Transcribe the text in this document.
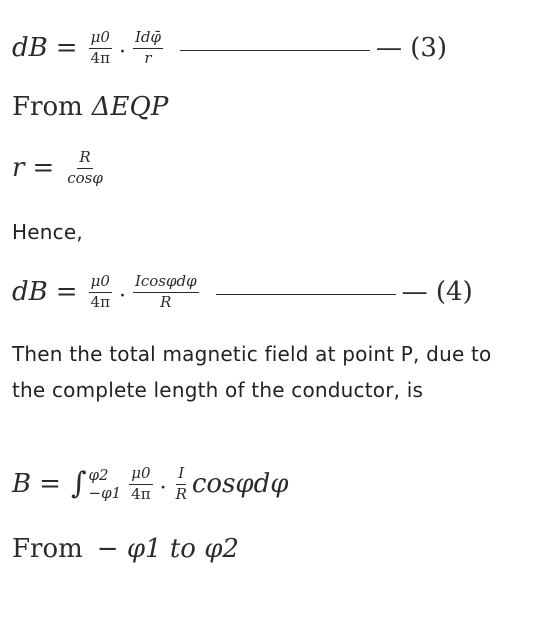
dB = $\frac{\mu 0}{4\pi} \cdot \frac{\text{Idφ̄}}{r}$	— (3)
From ΔEQP
$r = \frac{R}{\cos\varphi}$
Hence,
dB = $\frac{\mu 0}{4\pi} \cdot \frac{\text{Icosφdφ}}{R}$	— (4)
Then the total magnetic field at point P, due to the complete length of the conductor, is
B = ∫ φ2
$-\varphi 1 \frac{\mu 0}{4\pi} \cdot \frac{I}{R}$ cosφdφ
From − φ1 to φ2
